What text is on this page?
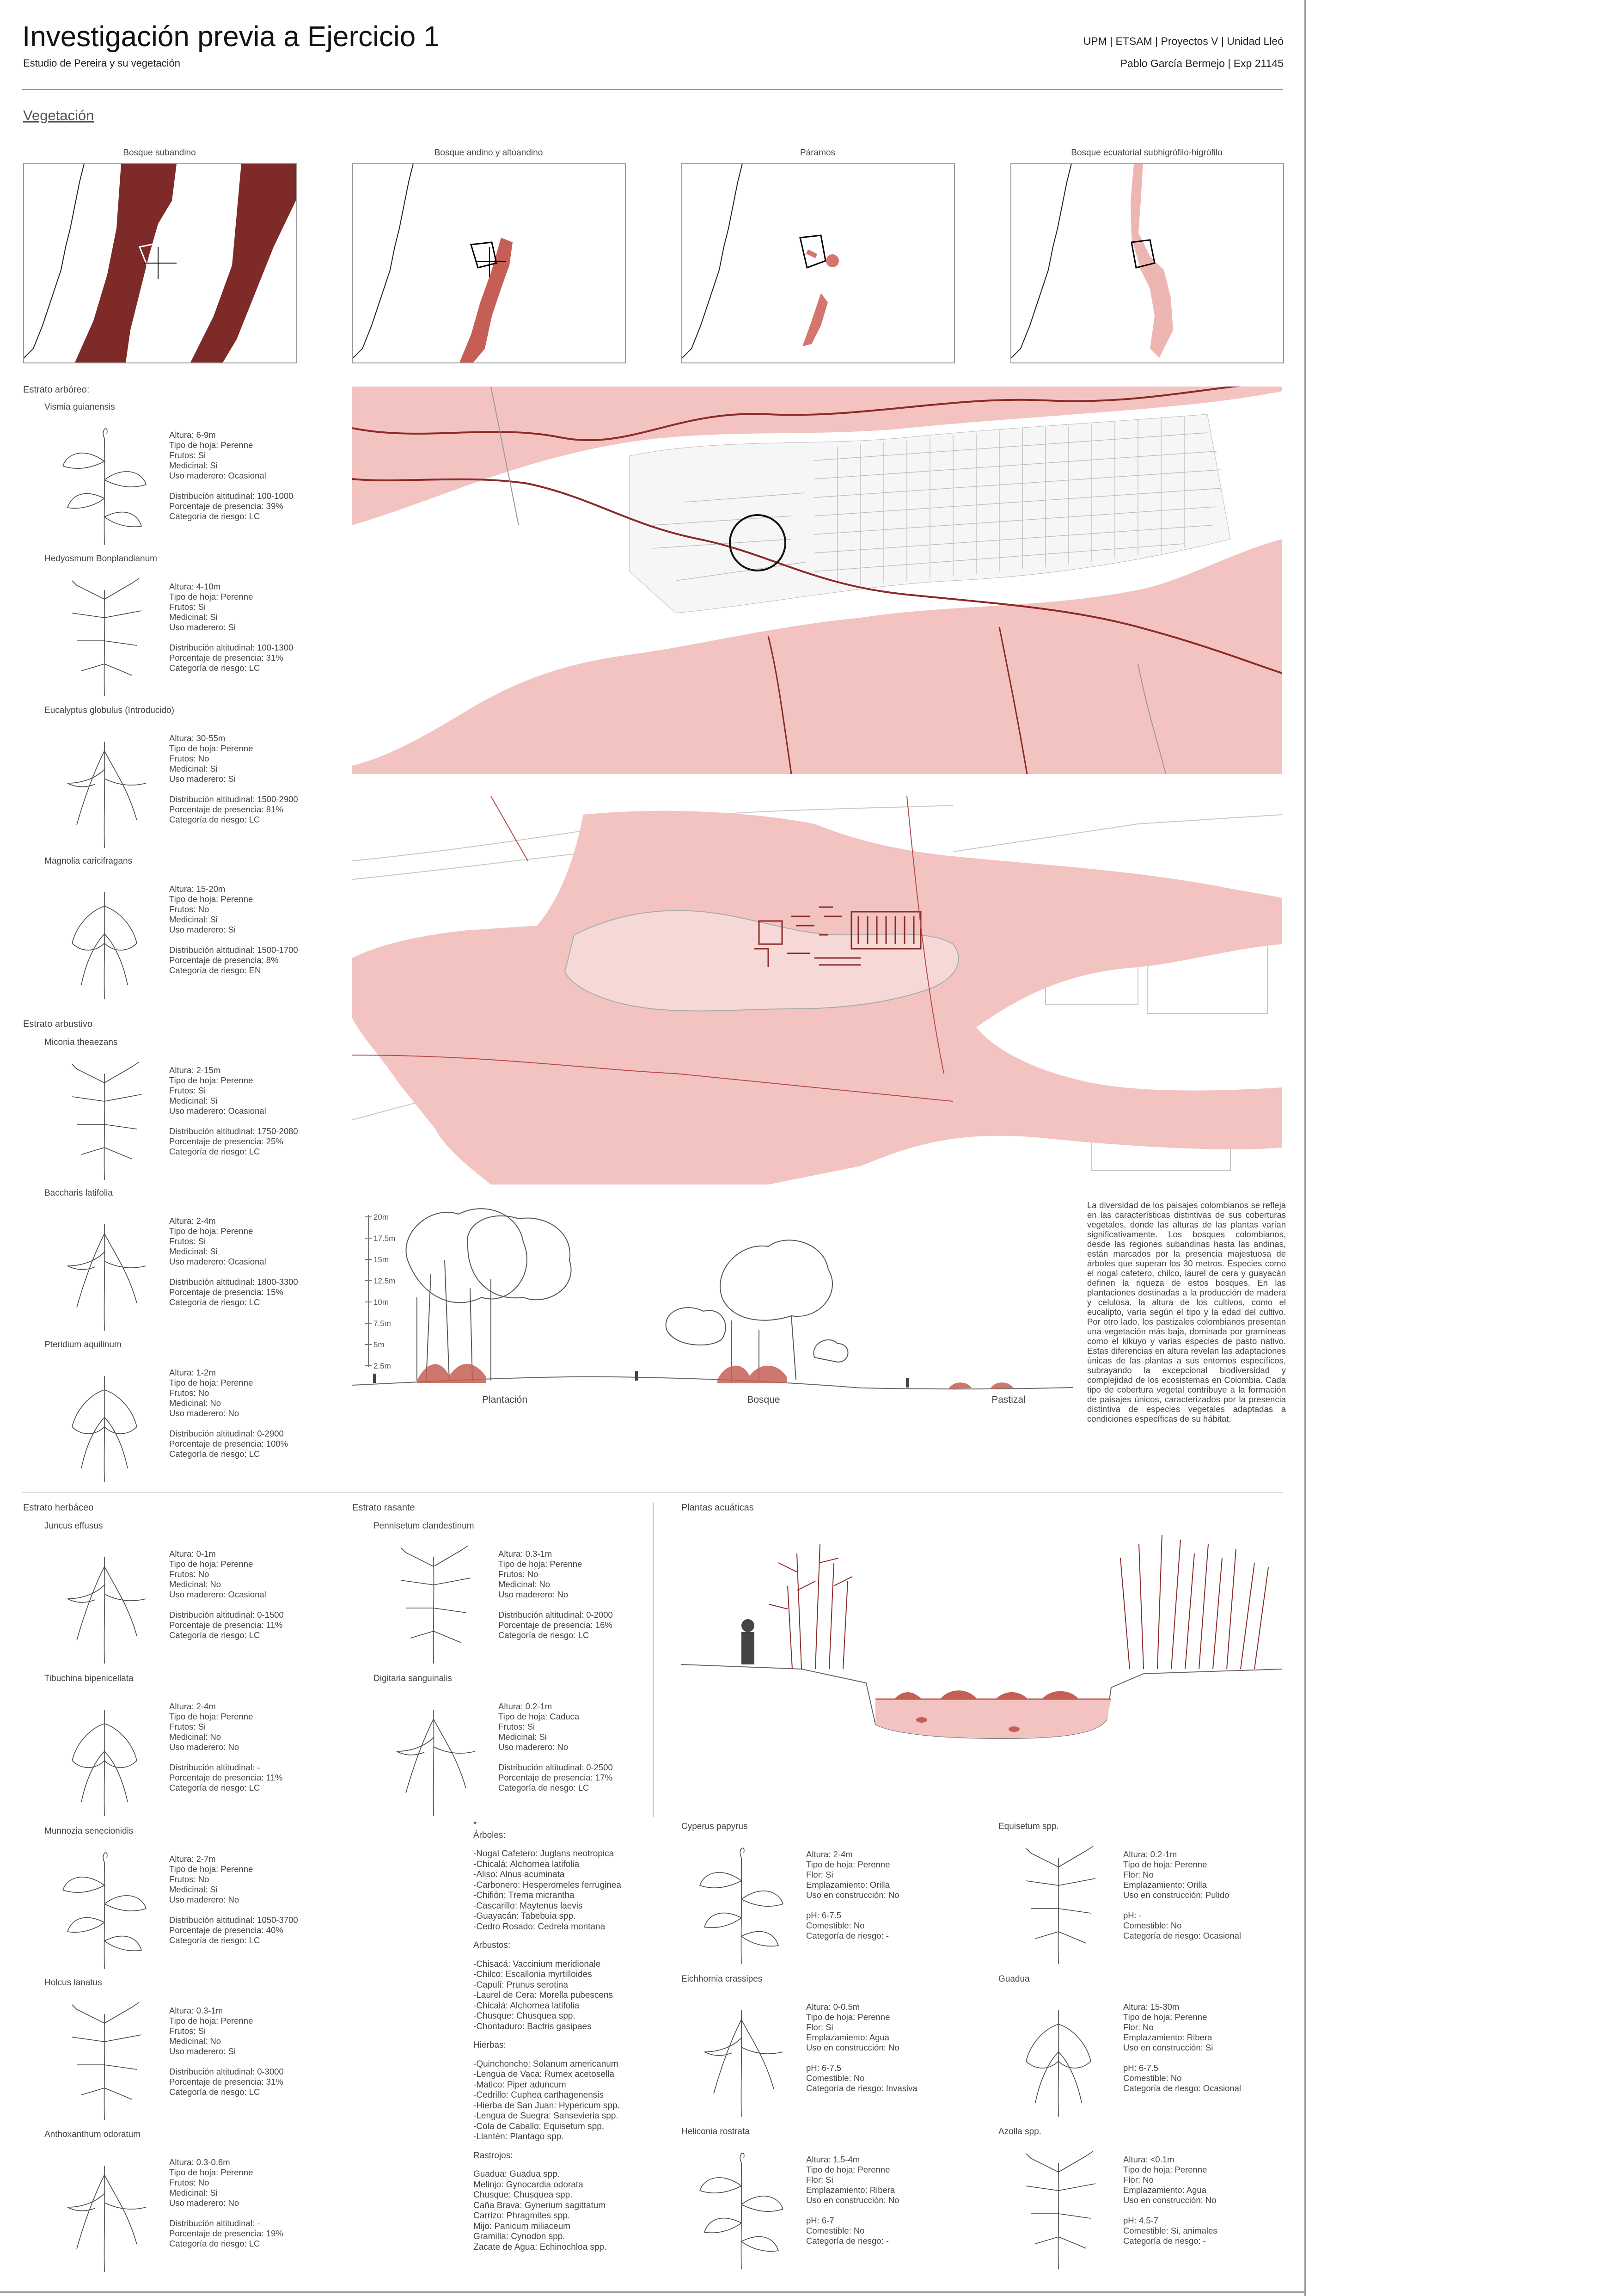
Investigación previa a Ejercicio 1
Estudio de Pereira y su vegetación
UPM | ETSAM | Proyectos V | Unidad Lleó
Pablo García Bermejo | Exp 21145
Vegetación
Bosque subandino	Bosque andino y altoandino	Páramos	Bosque ecuatorial subhigrófilo-higrófilo
Estrato arbóreo:
20m
17.5m
15m
12.5m
10m
7.5m
5m
2.5m
Plantación	Bosque	Pastizal
La diversidad de los paisajes colombianos se refleja en las características distintivas de sus coberturas vegetales, donde las alturas de las plantas varían significativamente. Los bosques colombianos, desde las regiones subandinas hasta las andinas, están marcados por la presencia majestuosa de árboles que superan los 30 metros. Especies como el nogal cafetero, chilco, laurel de cera y guayacán definen la riqueza de estos bosques. En las plantaciones destinadas a la producción de madera y celulosa, la altura de los cultivos, como el eucalipto, varía según el tipo y la edad del cultivo. Por otro lado, los pastizales colombianos presentan una vegetación más baja, dominada por gramíneas como el kikuyo y varias especies de pasto nativo. Estas diferencias en altura revelan las adaptaciones únicas de las plantas a sus entornos específicos, subrayando la excepcional biodiversidad y complejidad de los ecosistemas en Colombia. Cada tipo de cobertura vegetal contribuye a la formación de paisajes únicos, caracterizados por la presencia distintiva de especies vegetales adaptadas a condiciones específicas de su hábitat.
Estrato herbáceo	Estrato rasante	Plantas acuáticas
*
Árboles:
-Nogal Cafetero: Juglans neotropica
-Chicalá: Alchornea latifolia
-Aliso: Alnus acuminata
-Carbonero: Hesperomeles ferruginea
-Chifión: Trema micrantha
-Cascarillo: Maytenus laevis
-Guayacán: Tabebuia spp.
-Cedro Rosado: Cedrela montana
Arbustos:
-Chisacá: Vaccinium meridionale
-Chilco: Escallonia myrtilloides
-Capulí: Prunus serotina
-Laurel de Cera: Morella pubescens
-Chicalá: Alchornea latifolia
-Chusque: Chusquea spp.
-Chontaduro: Bactris gasipaes
Hierbas:
-Quinchoncho: Solanum americanum
-Lengua de Vaca: Rumex acetosella
-Matico: Piper aduncum
-Cedrillo: Cuphea carthagenensis
-Hierba de San Juan: Hypericum spp.
-Lengua de Suegra: Sansevieria spp.
-Cola de Caballo: Equisetum spp.
-Llantén: Plantago spp.
Rastrojos:
Guadua: Guadua spp.
Melinjo: Gynocardia odorata
Chusque: Chusquea spp.
Caña Brava: Gynerium sagittatum
Carrizo: Phragmites spp.
Mijo: Panicum miliaceum
Gramilla: Cynodon spp.
Zacate de Agua: Echinochloa spp.
Vismia guianensis
Altura: 6-9m
Tipo de hoja: Perenne
Frutos: Si
Medicinal: Si
Uso maderero: Ocasional
Distribución altitudinal: 100-1000
Porcentaje de presencia: 39%
Categoría de riesgo: LC
Hedyosmum Bonplandianum
Altura: 4-10m
Tipo de hoja: Perenne
Frutos: Si
Medicinal: Si
Uso maderero: Si
Distribución altitudinal: 100-1300
Porcentaje de presencia: 31%
Categoría de riesgo: LC
Eucalyptus globulus (Introducido)
Altura: 30-55m
Tipo de hoja: Perenne
Frutos: No
Medicinal: Si
Uso maderero: Si
Distribución altitudinal: 1500-2900
Porcentaje de presencia: 81%
Categoría de riesgo: LC
Magnolia caricifragans
Altura: 15-20m
Tipo de hoja: Perenne
Frutos: No
Medicinal: Si
Uso maderero: Si
Distribución altitudinal: 1500-1700
Porcentaje de presencia: 8%
Categoría de riesgo: EN
Estrato arbustivo
Miconia theaezans
Altura: 2-15m
Tipo de hoja: Perenne
Frutos: Si
Medicinal: Si
Uso maderero: Ocasional
Distribución altitudinal: 1750-2080
Porcentaje de presencia: 25%
Categoría de riesgo: LC
Baccharis latifolia
Altura: 2-4m
Tipo de hoja: Perenne
Frutos: Si
Medicinal: Si
Uso maderero: Ocasional
Distribución altitudinal: 1800-3300
Porcentaje de presencia: 15%
Categoría de riesgo: LC
Pteridium aquilinum
Altura: 1-2m
Tipo de hoja: Perenne
Frutos: No
Medicinal: No
Uso maderero: No
Distribución altitudinal: 0-2900
Porcentaje de presencia: 100%
Categoría de riesgo: LC
Juncus effusus
Altura: 0-1m
Tipo de hoja: Perenne
Frutos: No
Medicinal: No
Uso maderero: Ocasional
Distribución altitudinal: 0-1500
Porcentaje de presencia: 11%
Categoría de riesgo: LC
Tibuchina bipenicellata
Altura: 2-4m
Tipo de hoja: Perenne
Frutos: Si
Medicinal: No
Uso maderero: No
Distribución altitudinal: -
Porcentaje de presencia: 11%
Categoría de riesgo: LC
Munnozia senecionidis
Altura: 2-7m
Tipo de hoja: Perenne
Frutos: No
Medicinal: Si
Uso maderero: No
Distribución altitudinal: 1050-3700
Porcentaje de presencia: 40%
Categoría de riesgo: LC
Holcus lanatus
Altura: 0.3-1m
Tipo de hoja: Perenne
Frutos: Si
Medicinal: No
Uso maderero: Si
Distribución altitudinal: 0-3000
Porcentaje de presencia: 31%
Categoría de riesgo: LC
Anthoxanthum odoratum
Altura: 0.3-0.6m
Tipo de hoja: Perenne
Frutos: No
Medicinal: Si
Uso maderero: No
Distribución altitudinal: -
Porcentaje de presencia: 19%
Categoría de riesgo: LC
Pennisetum clandestinum
Altura: 0.3-1m
Tipo de hoja: Perenne
Frutos: No
Medicinal: No
Uso maderero: No
Distribución altitudinal: 0-2000
Porcentaje de presencia: 16%
Categoría de riesgo: LC
Digitaria sanguinalis
Altura: 0.2-1m
Tipo de hoja: Caduca
Frutos: Si
Medicinal: Si
Uso maderero: No
Distribución altitudinal: 0-2500
Porcentaje de presencia: 17%
Categoría de riesgo: LC
Cyperus papyrus
Altura: 2-4m
Tipo de hoja: Perenne
Flor: Si
Emplazamiento: Orilla
Uso en construcción: No
pH: 6-7.5
Comestible: No
Categoría de riesgo: -
Equisetum spp.
Altura: 0.2-1m
Tipo de hoja: Perenne
Flor: No
Emplazamiento: Orilla
Uso en construcción: Pulido
pH: -
Comestible: No
Categoría de riesgo: Ocasional
Eichhornia crassipes
Altura: 0-0.5m
Tipo de hoja: Perenne
Flor: Si
Emplazamiento: Agua
Uso en construcción: No
pH: 6-7.5
Comestible: No
Categoría de riesgo: Invasiva
Guadua
Altura: 15-30m
Tipo de hoja: Perenne
Flor: No
Emplazamiento: Ribera
Uso en construcción: Si
pH: 6-7.5
Comestible: No
Categoría de riesgo: Ocasional
Heliconia rostrata
Altura: 1.5-4m
Tipo de hoja: Perenne
Flor: Si
Emplazamiento: Ribera
Uso en construcción: No
pH: 6-7
Comestible: No
Categoría de riesgo: -
Azolla spp.
Altura: <0.1m
Tipo de hoja: Perenne
Flor: No
Emplazamiento: Agua
Uso en construcción: No
pH: 4.5-7
Comestible: Si, animales
Categoría de riesgo: -
